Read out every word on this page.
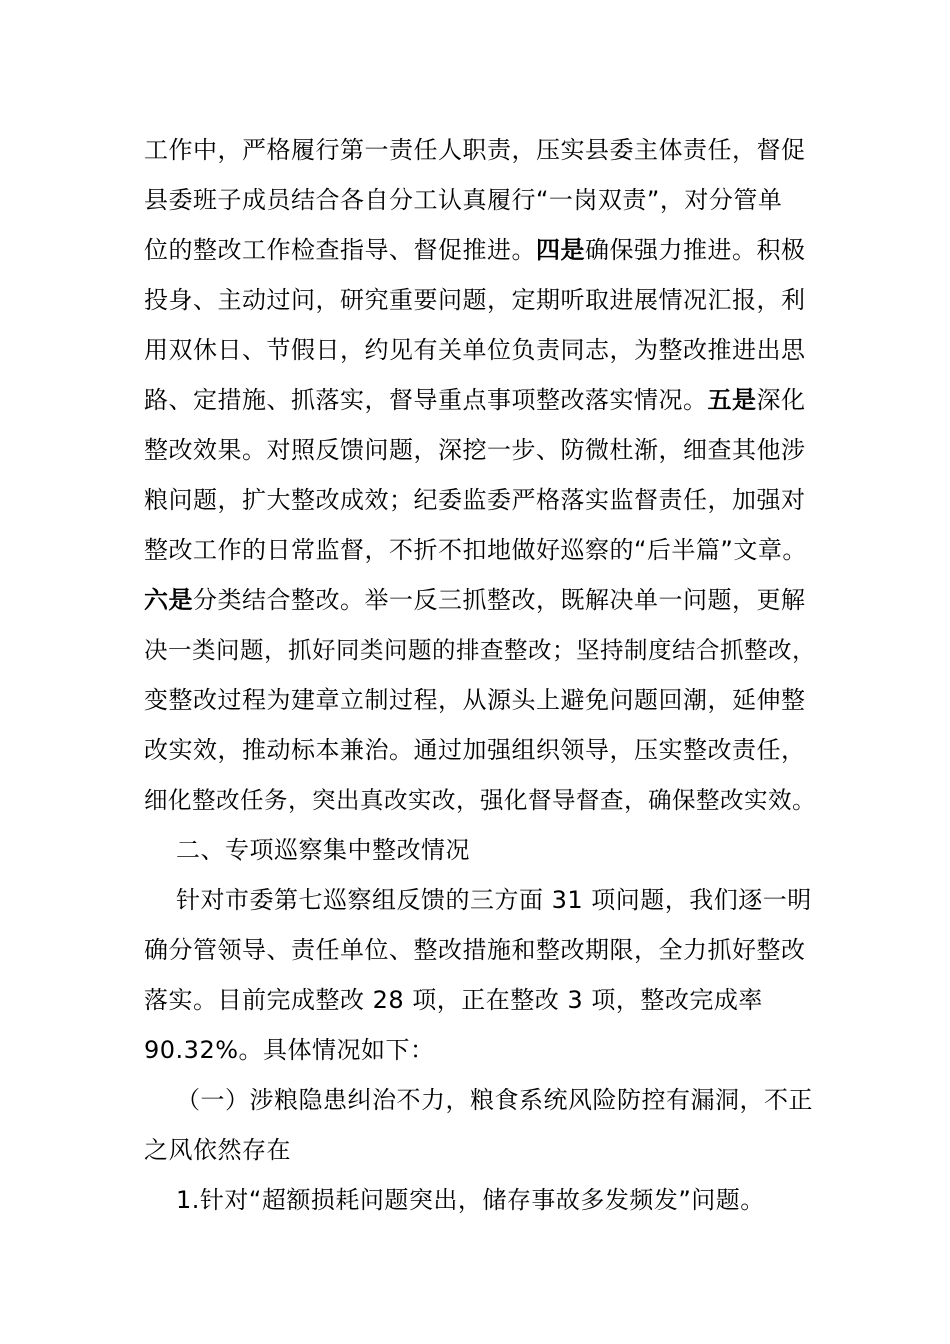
工作中，严格履行第一责任人职责，压实县委主体责任，督促
县委班子成员结合各自分工认真履行“一岗双责”，对分管单
位的整改工作检查指导、督促推进。四是确保强力推进。积极
投身、主动过问，研究重要问题，定期听取进展情况汇报，利
用双休日、节假日，约见有关单位负责同志，为整改推进出思
路、定措施、抓落实，督导重点事项整改落实情况。五是深化
整改效果。对照反馈问题，深挖一步、防微杜渐，细查其他涉
粮问题，扩大整改成效；纪委监委严格落实监督责任，加强对
整改工作的日常监督，不折不扣地做好巡察的“后半篇”文章。
六是分类结合整改。举一反三抓整改，既解决单一问题，更解
决一类问题，抓好同类问题的排查整改；坚持制度结合抓整改，
变整改过程为建章立制过程，从源头上避免问题回潮，延伸整
改实效，推动标本兼治。通过加强组织领导，压实整改责任，
细化整改任务，突出真改实改，强化督导督查，确保整改实效。
二、专项巡察集中整改情况
针对市委第七巡察组反馈的三方面 31 项问题，我们逐一明
确分管领导、责任单位、整改措施和整改期限，全力抓好整改
落实。目前完成整改 28 项，正在整改 3 项，整改完成率
90.32%。具体情况如下：
（一）涉粮隐患纠治不力，粮食系统风险防控有漏洞，不正
之风依然存在
1.针对“超额损耗问题突出，储存事故多发频发”问题。
